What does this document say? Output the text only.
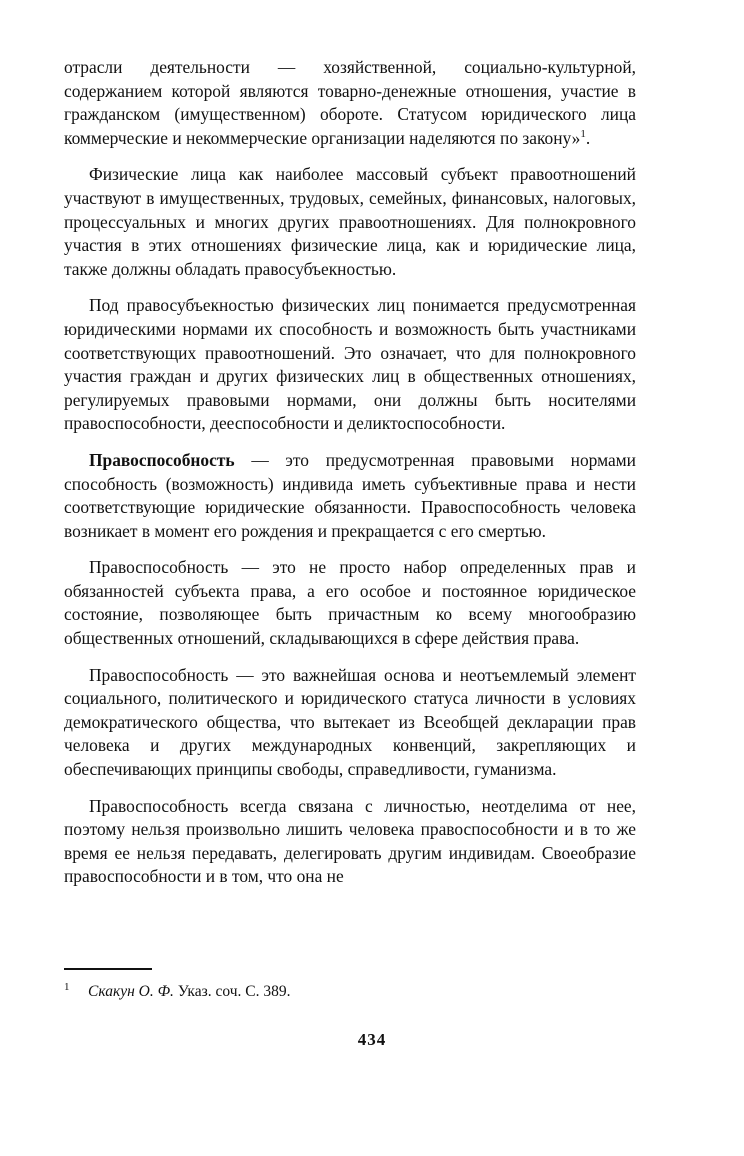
отрасли деятельности — хозяйственной, социально-культурной, содержанием которой являются товарно-денежные отношения, участие в гражданском (имущественном) обороте. Статусом юридического лица коммерческие и некоммерческие организации наделяются по закону»$^1$.

Физические лица как наиболее массовый субъект правоотношений участвуют в имущественных, трудовых, семейных, финансовых, налоговых, процессуальных и многих других правоотношениях. Для полнокровного участия в этих отношениях физические лица, как и юридические лица, также должны обладать правосубъекностью.

Под правосубъекностью физических лиц понимается предусмотренная юридическими нормами их способность и возможность быть участниками соответствующих правоотношений. Это означает, что для полнокровного участия граждан и других физических лиц в общественных отношениях, регулируемых правовыми нормами, они должны быть носителями правоспособности, дееспособности и деликтоспособности.

Правоспособность — это предусмотренная правовыми нормами способность (возможность) индивида иметь субъективные права и нести соответствующие юридические обязанности. Правоспособность человека возникает в момент его рождения и прекращается с его смертью.

Правоспособность — это не просто набор определенных прав и обязанностей субъекта права, а его особое и постоянное юридическое состояние, позволяющее быть причастным ко всему многообразию общественных отношений, складывающихся в сфере действия права.

Правоспособность — это важнейшая основа и неотъемлемый элемент социального, политического и юридического статуса личности в условиях демократического общества, что вытекает из Всеобщей декларации прав человека и других международных конвенций, закрепляющих и обеспечивающих принципы свободы, справедливости, гуманизма.

Правоспособность всегда связана с личностью, неотделима от нее, поэтому нельзя произвольно лишить человека правоспособности и в то же время ее нельзя передавать, делегировать другим индивидам. Своеобразие правоспособности и в том, что она не

1 Скакун О. Ф. Указ. соч. С. 389.
434
